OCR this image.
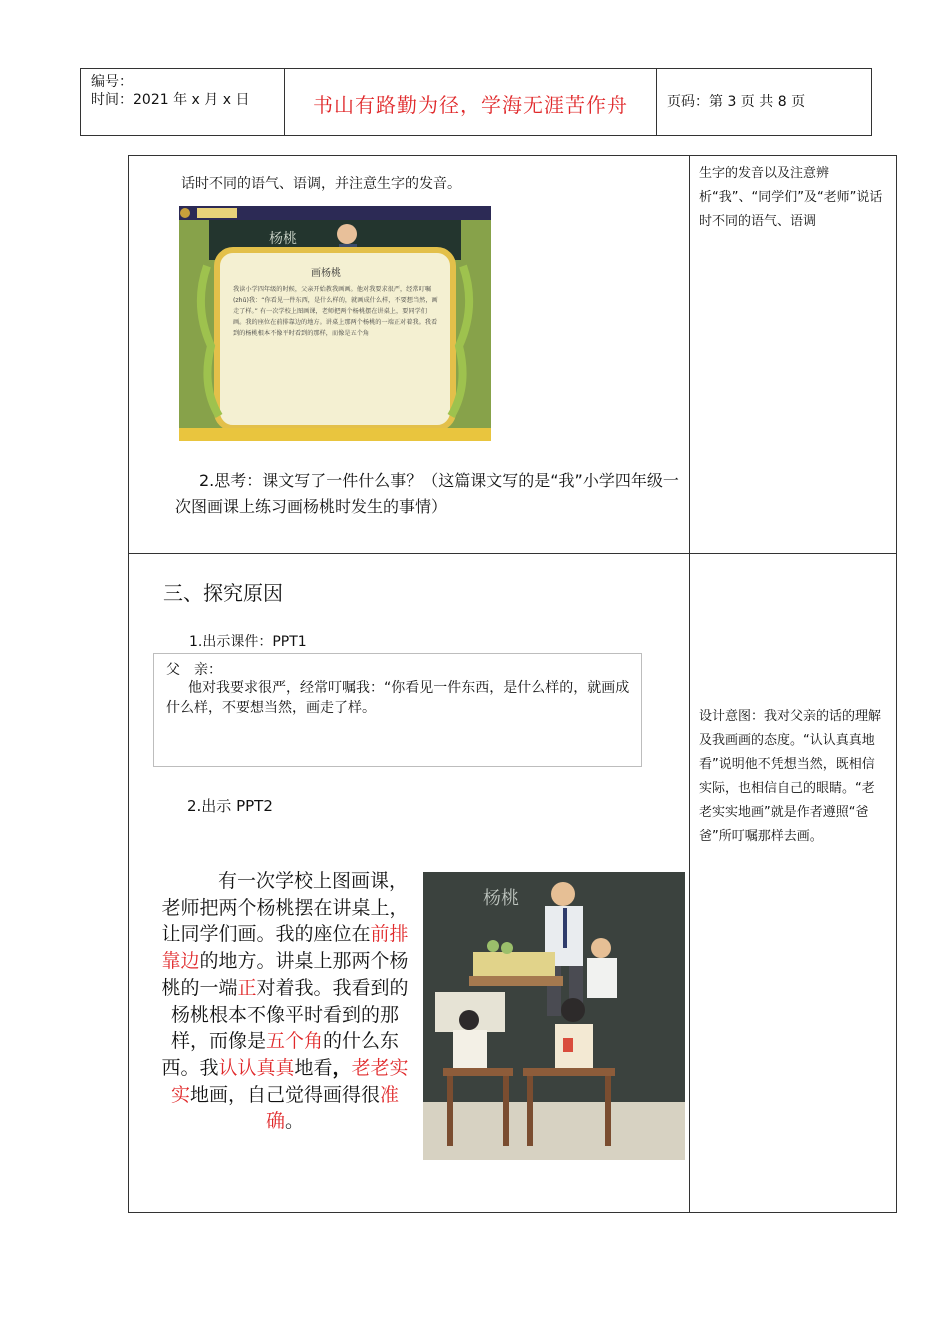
编号：
时间：2021 年 x 月 x 日	书山有路勤为径，学海无涯苦作舟	页码：第 3 页 共 8 页
话时不同的语气、语调，并注意生字的发音。
杨桃
画杨桃
我读小学四年级的时候，父亲开始教我画画。他对我要求很严，经常叮嘱(zhǔ)我：“你看见一件东西，是什么样的，就画成什么样，不要想当然，画走了样。” 有一次学校上图画课，老师把两个杨桃摆在讲桌上，要同学们画。我的座位在前排靠边的地方。讲桌上那两个杨桃的一端正对着我。我看到的杨桃根本不像平时看到的那样，而像是五个角
2.思考：课文写了一件什么事？（这篇课文写的是“我”小学四年级一次图画课上练习画杨桃时发生的事情）
生字的发音以及注意辨析“我”、“同学们”及“老师”说话时不同的语气、语调
三、探究原因
1.出示课件：PPT1
父　亲：
他对我要求很严，经常叮嘱我：“你看见一件东西，是什么样的，就画成什么样，不要想当然，画走了样。
2.出示 PPT2
有一次学校上图画课，老师把两个杨桃摆在讲桌上，让同学们画。我的座位在前排靠边的地方。讲桌上那两个杨桃的一端正对着我。我看到的杨桃根本不像平时看到的那样，而像是五个角的什么东西。我认认真真地看，老老实实地画，自己觉得画得很准确。
杨桃
设计意图：我对父亲的话的理解及我画画的态度。“认认真真地看”说明他不凭想当然，既相信实际，也相信自己的眼睛。“老老实实地画”就是作者遵照“爸爸”所叮嘱那样去画。
